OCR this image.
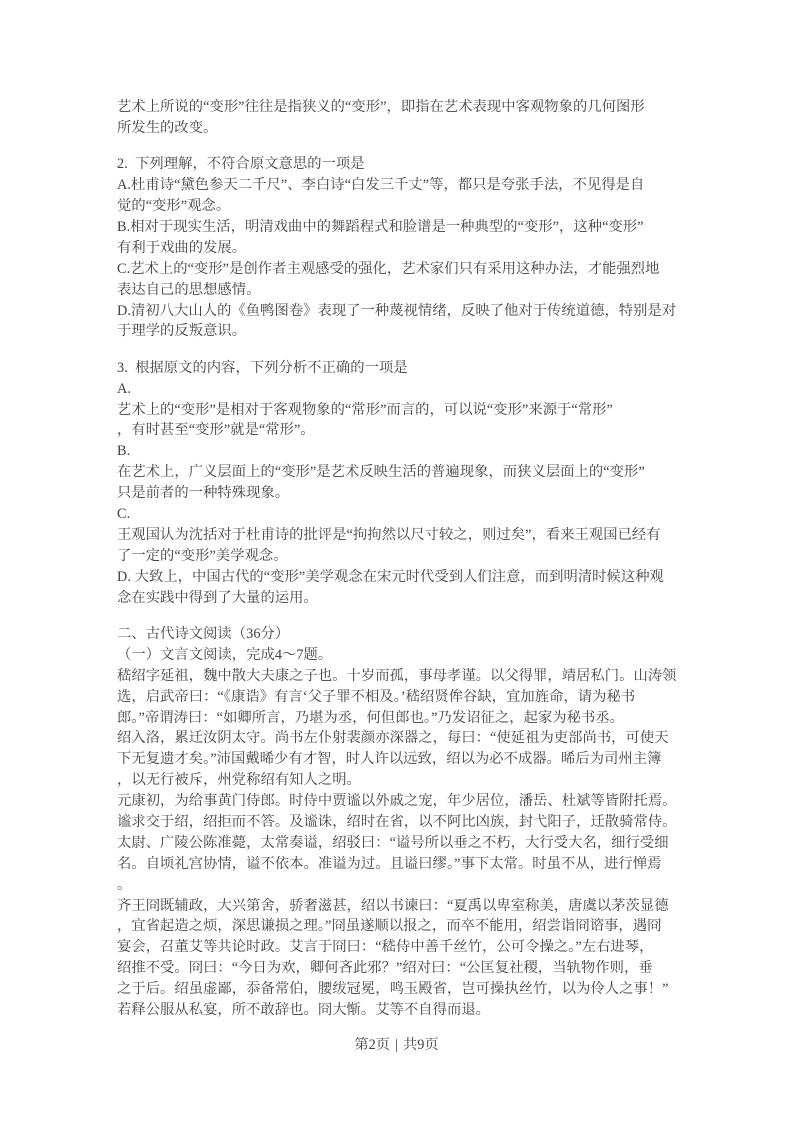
艺术上所说的“变形”往往是指狭义的“变形”，即指在艺术表现中客观物象的几何图形
所发生的改变。
2.  下列理解，不符合原文意思的一项是
A.杜甫诗“黛色参天二千尺”、李白诗“白发三千丈”等，都只是夸张手法，不见得是自
觉的“变形”观念。
B.相对于现实生活，明清戏曲中的舞蹈程式和脸谱是一种典型的“变形”，这种“变形”
有利于戏曲的发展。
C.艺术上的“变形”是创作者主观感受的强化，艺术家们只有采用这种办法，才能强烈地
表达自己的思想感情。
D.清初八大山人的《鱼鸭图卷》表现了一种蔑视情绪，反映了他对于传统道德，特别是对
于理学的反叛意识。
3.  根据原文的内容，下列分析不正确的一项是
A.
艺术上的“变形”是相对于客观物象的“常形”而言的，可以说“变形”来源于“常形”
，有时甚至“变形”就是“常形”。
B.
在艺术上，广义层面上的“变形”是艺术反映生活的普遍现象，而狭义层面上的“变形”
只是前者的一种特殊现象。
C.
王观国认为沈括对于杜甫诗的批评是“拘拘然以尺寸较之，则过矣”，看来王观国已经有
了一定的“变形”美学观念。
D. 大致上，中国古代的“变形”美学观念在宋元时代受到人们注意，而到明清时候这种观
念在实践中得到了大量的运用。
二、古代诗文阅读（36分）
（一）文言文阅读，完成4～7题。
嵇绍字延祖，魏中散大夫康之子也。十岁而孤，事母孝谨。以父得罪，靖居私门。山涛领
选，启武帝曰：“《康诰》有言‘父子罪不相及。’嵇绍贤侔谷缺，宜加旌命，请为秘书
郎。”帝谓涛曰：“如卿所言，乃堪为丞，何但郎也。”乃发诏征之，起家为秘书丞。
绍入洛，累迁汝阴太守。尚书左仆射裴颜亦深器之，每曰：“使延祖为吏部尚书，可使天
下无复遗才矣。”沛国戴晞少有才智，时人许以远致，绍以为必不成器。晞后为司州主簿
，以无行被斥，州党称绍有知人之明。
元康初，为给事黄门侍郎。时侍中贾谧以外戚之宠，年少居位，潘岳、杜斌等皆附托焉。
谧求交于绍，绍拒而不答。及谧诛，绍时在省，以不阿比凶族，封弋阳子，迁散骑常侍。
太尉、广陵公陈准薨，太常奏谥，绍驳曰：“谥号所以垂之不朽，大行受大名，细行受细
名。自顷礼宫协情，谥不依本。准谥为过。且谥曰缪。”事下太常。时虽不从，进行惮焉
。
齐王冏既辅政，大兴第舍，骄奢滋甚，绍以书谏曰：“夏禹以卑室称美，唐虞以茅茨显德
，宜省起造之烦，深思谦损之理。”冏虽遂顺以报之，而卒不能用，绍尝诣冏谘事，遇冏
宴会，召董艾等共论时政。艾言于冏曰：“嵇侍中善千丝竹，公可令操之。”左右进琴，
绍推不受。冏曰：“今日为欢，卿何吝此邪？”绍对曰：“公匡复社稷，当轨物作则，垂
之于后。绍虽虚鄙，忝备常伯，腰绂冠冕，鸣玉殿省，岂可操执丝竹，以为伶人之事！”
若释公服从私宴，所不敢辞也。冏大惭。艾等不自得而退。
第2页 | 共9页
